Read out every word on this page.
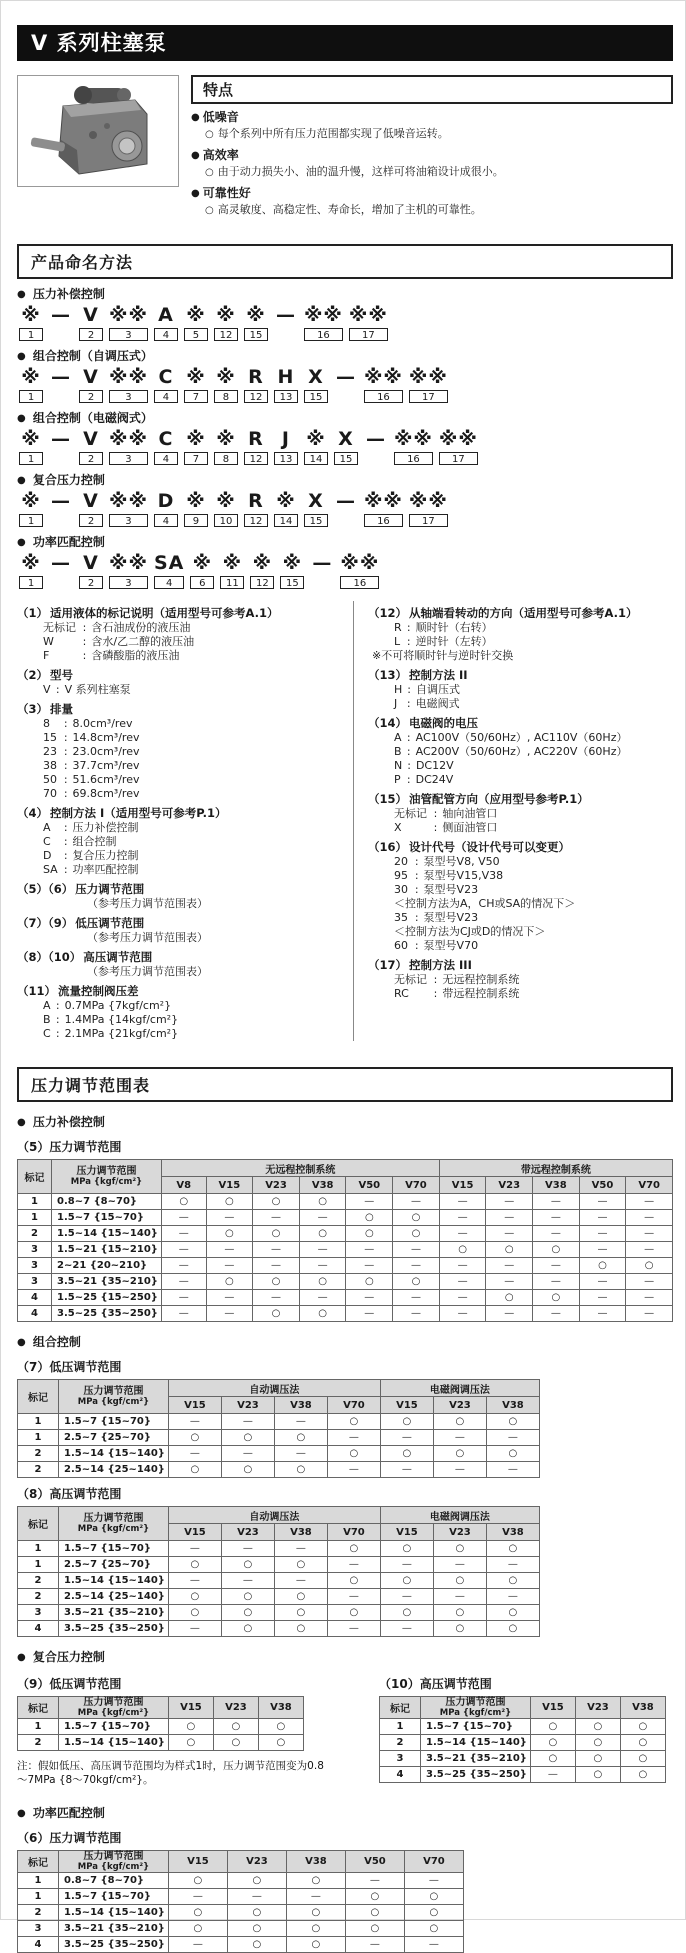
V 系列柱塞泵
特点
● 低噪音
○ 每个系列中所有压力范围都实现了低噪音运转。
● 高效率
○ 由于动力损失小、油的温升慢，这样可将油箱设计成很小。
● 可靠性好
○ 高灵敏度、高稳定性、寿命长，增加了主机的可靠性。
产品命名方法
● 压力补偿控制
※
1
— V
2
※※
3
A
4
※
5
※
12
※
15
— ※※
16
※※
17
● 组合控制（自调压式）
※
1
— V
2
※※
3
C
4
※
7
※
8
R
12
H
13
X
15
— ※※
16
※※
17
● 组合控制（电磁阀式）
※
1
— V
2
※※
3
C
4
※
7
※
8
R
12
J
13
※
14
X
15
— ※※
16
※※
17
● 复合压力控制
※
1
— V
2
※※
3
D
4
※
9
※
10
R
12
※
14
X
15
— ※※
16
※※
17
● 功率匹配控制
※
1
— V
2
※※
3
SA
4
※
6
※
11
※
12
※
15
— ※※
16
（1） 适用液体的标记说明（适用型号可参考A.1）
无标记 : 含石油成份的液压油
W	: 含水/乙二醇的液压油
F	: 含磷酸脂的液压油
（2） 型号
V : V 系列柱塞泵
（3） 排量
8 : 8.0cm³/rev
15 : 14.8cm³/rev
23 : 23.0cm³/rev
38 : 37.7cm³/rev
50 : 51.6cm³/rev
70 : 69.8cm³/rev
（4） 控制方法 I（适用型号可参考P.1）
A : 压力补偿控制
C : 组合控制
D : 复合压力控制
SA : 功率匹配控制
（5）（6） 压力调节范围
（参考压力调节范围表）
（7）（9） 低压调节范围
（参考压力调节范围表）
（8）（10） 高压调节范围
（参考压力调节范围表）
（11） 流量控制阀压差
A : 0.7MPa {7kgf/cm²}
B : 1.4MPa {14kgf/cm²}
C : 2.1MPa {21kgf/cm²}
（12） 从轴端看转动的方向（适用型号可参考A.1）
R : 顺时针（右转）
L : 逆时针（左转）
※不可将顺时针与逆时针交换
（13） 控制方法 II
H : 自调压式
J : 电磁阀式
（14） 电磁阀的电压
A : AC100V（50/60Hz）, AC110V（60Hz）
B : AC200V（50/60Hz）, AC220V（60Hz）
N : DC12V
P : DC24V
（15） 油管配管方向（应用型号参考P.1）
无标记 : 轴向油管口
X	: 侧面油管口
（16） 设计代号（设计代号可以变更）
20 : 泵型号V8, V50
95 : 泵型号V15,V38
30 : 泵型号V23
＜控制方法为A，CH或SA的情况下＞
35 : 泵型号V23
＜控制方法为CJ或D的情况下＞
60 : 泵型号V70
（17） 控制方法 III
无标记 : 无远程控制系统
RC : 带远程控制系统
压力调节范围表
● 压力补偿控制
（5）压力调节范围
标记	压力调节范围
MPa {kgf/cm²}	无远程控制系统						带远程控制系统				
		V8	V15	V23	V38	V50	V70	V15	V23	V38	V50	V70
1	0.8~7 {8~70}	○	○	○	○	—	—	—	—	—	—	—
1	1.5~7 {15~70}	—	—	—	—	○	○	—	—	—	—	—
2	1.5~14 {15~140}	—	○	○	○	○	○	—	—	—	—	—
3	1.5~21 {15~210}	—	—	—	—	—	—	○	○	○	—	—
3	2~21 {20~210}	—	—	—	—	—	—	—	—	—	○	○
3	3.5~21 {35~210}	—	○	○	○	○	○	—	—	—	—	—
4	1.5~25 {15~250}	—	—	—	—	—	—	—	○	○	—	—
4	3.5~25 {35~250}	—	—	○	○	—	—	—	—	—	—	—
● 组合控制
（7）低压调节范围
标记	压力调节范围
MPa {kgf/cm²}	自动调压法				电磁阀调压法		
		V15	V23	V38	V70	V15	V23	V38
1	1.5~7 {15~70}	—	—	—	○	○	○	○
1	2.5~7 {25~70}	○	○	○	—	—	—	—
2	1.5~14 {15~140}	—	—	—	○	○	○	○
2	2.5~14 {25~140}	○	○	○	—	—	—	—
（8）高压调节范围
标记	压力调节范围
MPa {kgf/cm²}	自动调压法				电磁阀调压法		
		V15	V23	V38	V70	V15	V23	V38
1	1.5~7 {15~70}	—	—	—	○	○	○	○
1	2.5~7 {25~70}	○	○	○	—	—	—	—
2	1.5~14 {15~140}	—	—	—	○	○	○	○
2	2.5~14 {25~140}	○	○	○	—	—	—	—
3	3.5~21 {35~210}	○	○	○	○	○	○	○
4	3.5~25 {35~250}	—	○	○	—	—	○	○
● 复合压力控制
（9）低压调节范围
标记	压力调节范围
MPa {kgf/cm²}	V15	V23	V38
1	1.5~7 {15~70}	○	○	○
2	1.5~14 {15~140}	○	○	○
注：假如低压、高压调节范围均为样式1时，压力调节范围变为0.8～7MPa {8～70kgf/cm²}。
（10）高压调节范围
标记	压力调节范围
MPa {kgf/cm²}	V15	V23	V38
1	1.5~7 {15~70}	○	○	○
2	1.5~14 {15~140}	○	○	○
3	3.5~21 {35~210}	○	○	○
4	3.5~25 {35~250}	—	○	○
● 功率匹配控制
（6）压力调节范围
标记	压力调节范围
MPa {kgf/cm²}	V15	V23	V38	V50	V70
1	0.8~7 {8~70}	○	○	○	—	—
1	1.5~7 {15~70}	—	—	—	○	○
2	1.5~14 {15~140}	○	○	○	○	○
3	3.5~21 {35~210}	○	○	○	○	○
4	3.5~25 {35~250}	—	○	○	—	—
